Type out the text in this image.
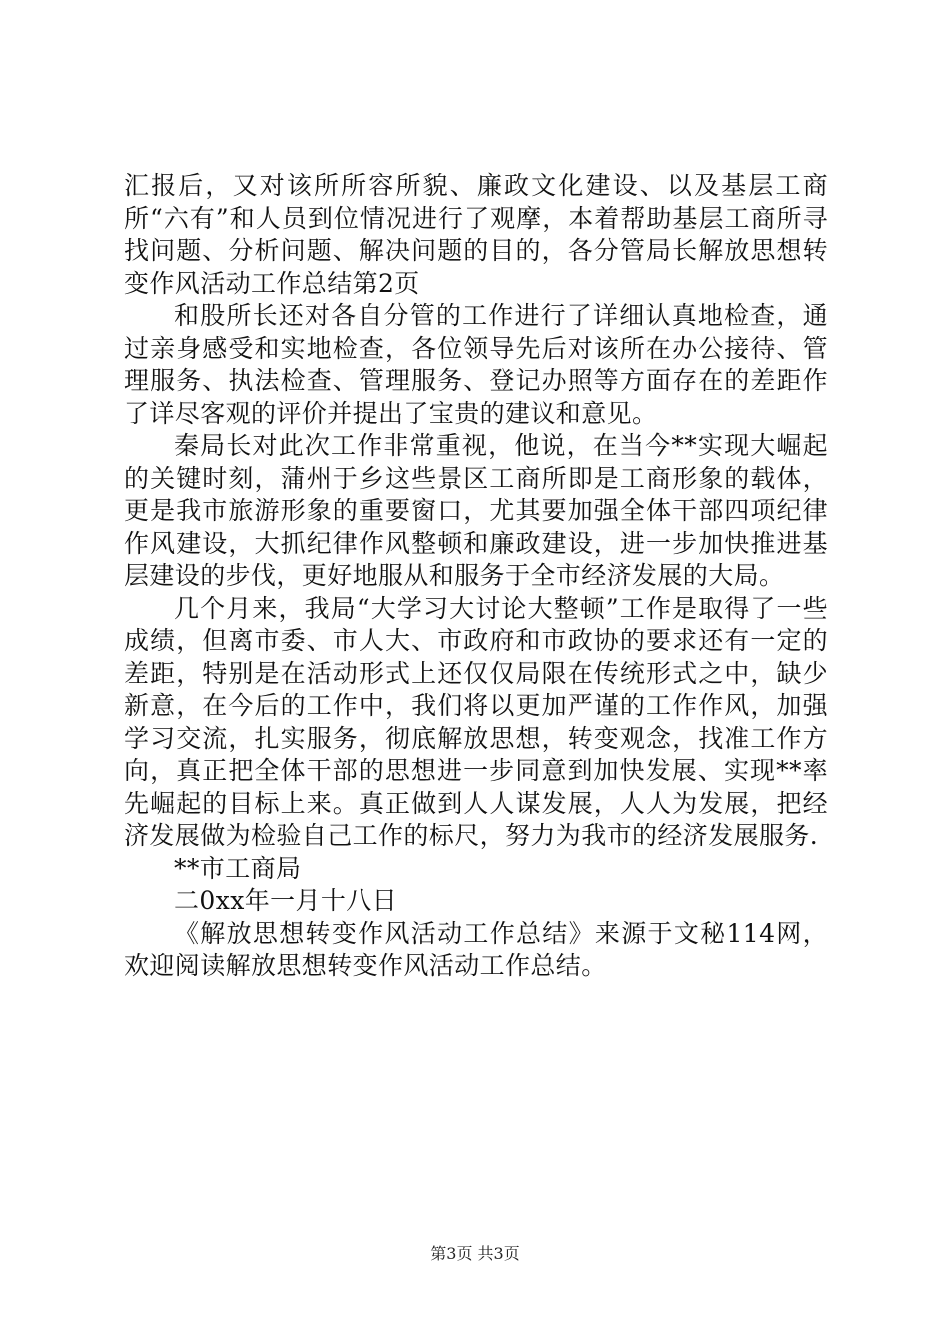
汇报后，又对该所所容所貌、廉政文化建设、以及基层工商所“六有”和人员到位情况进行了观摩，本着帮助基层工商所寻找问题、分析问题、解决问题的目的，各分管局长解放思想转变作风活动工作总结第2页

和股所长还对各自分管的工作进行了详细认真地检查，通过亲身感受和实地检查，各位领导先后对该所在办公接待、管理服务、执法检查、管理服务、登记办照等方面存在的差距作了详尽客观的评价并提出了宝贵的建议和意见。

秦局长对此次工作非常重视，他说，在当今**实现大崛起的关键时刻，蒲州于乡这些景区工商所即是工商形象的载体，更是我市旅游形象的重要窗口，尤其要加强全体干部四项纪律作风建设，大抓纪律作风整顿和廉政建设，进一步加快推进基层建设的步伐，更好地服从和服务于全市经济发展的大局。

几个月来，我局“大学习大讨论大整顿”工作是取得了一些成绩，但离市委、市人大、市政府和市政协的要求还有一定的差距，特别是在活动形式上还仅仅局限在传统形式之中，缺少新意，在今后的工作中，我们将以更加严谨的工作作风，加强学习交流，扎实服务，彻底解放思想，转变观念，找准工作方向，真正把全体干部的思想进一步同意到加快发展、实现**率先崛起的目标上来。真正做到人人谋发展，人人为发展，把经济发展做为检验自己工作的标尺，努力为我市的经济发展服务.

**市工商局

二0xx年一月十八日

《解放思想转变作风活动工作总结》来源于文秘114网，欢迎阅读解放思想转变作风活动工作总结。

第3页 共3页
